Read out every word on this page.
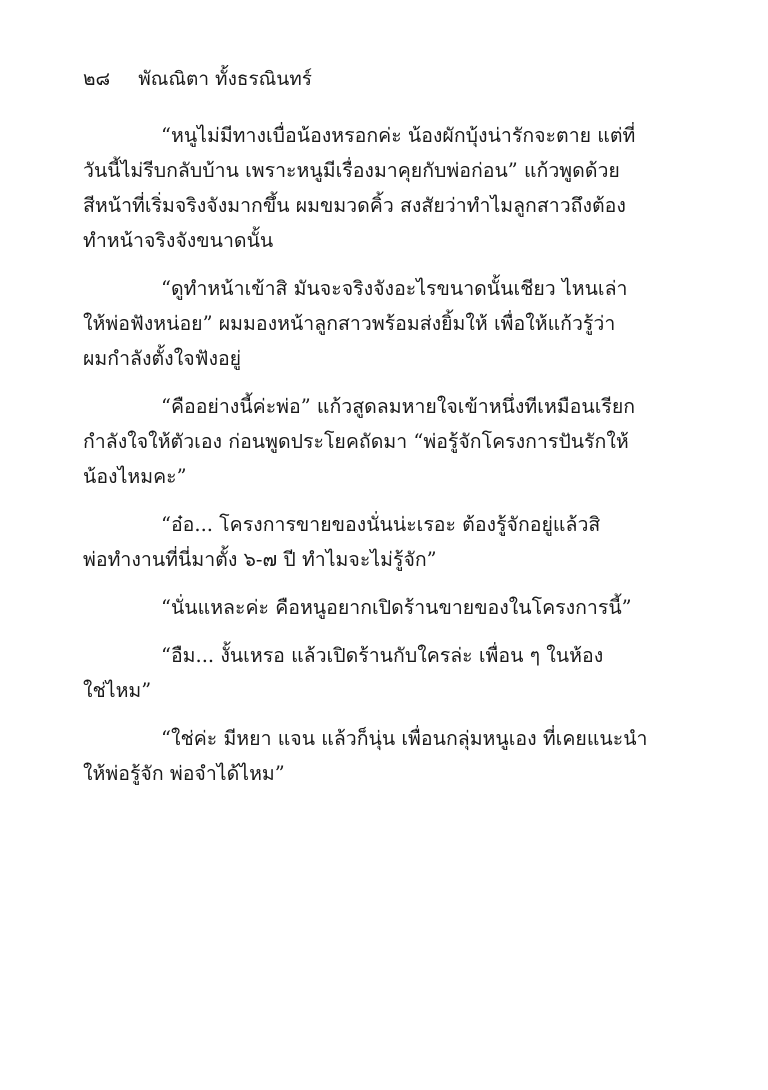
๒๘ พัณณิตา ทั้งธรณินทร์

“หนูไม่มีทางเบื่อน้องหรอกค่ะ น้องผักบุ้งน่ารักจะตาย แต่ที่
วันนี้ไม่รีบกลับบ้าน เพราะหนูมีเรื่องมาคุยกับพ่อก่อน” แก้วพูดด้วย
สีหน้าที่เริ่มจริงจังมากขึ้น ผมขมวดคิ้ว สงสัยว่าทำไมลูกสาวถึงต้อง
ทำหน้าจริงจังขนาดนั้น

“ดูทำหน้าเข้าสิ มันจะจริงจังอะไรขนาดนั้นเชียว ไหนเล่า
ให้พ่อฟังหน่อย” ผมมองหน้าลูกสาวพร้อมส่งยิ้มให้ เพื่อให้แก้วรู้ว่า
ผมกำลังตั้งใจฟังอยู่

“คืออย่างนี้ค่ะพ่อ” แก้วสูดลมหายใจเข้าหนึ่งทีเหมือนเรียก
กำลังใจให้ตัวเอง ก่อนพูดประโยคถัดมา “พ่อรู้จักโครงการปันรักให้
น้องไหมคะ”

“อ๋อ... โครงการขายของนั่นน่ะเรอะ ต้องรู้จักอยู่แล้วสิ
พ่อทำงานที่นี่มาตั้ง ๖-๗ ปี ทำไมจะไม่รู้จัก”

“นั่นแหละค่ะ คือหนูอยากเปิดร้านขายของในโครงการนี้”

“อืม... งั้นเหรอ แล้วเปิดร้านกับใครล่ะ เพื่อน ๆ ในห้อง
ใช่ไหม”

“ใช่ค่ะ มีหยา แจน แล้วก็นุ่น เพื่อนกลุ่มหนูเอง ที่เคยแนะนำ
ให้พ่อรู้จัก พ่อจำได้ไหม”
